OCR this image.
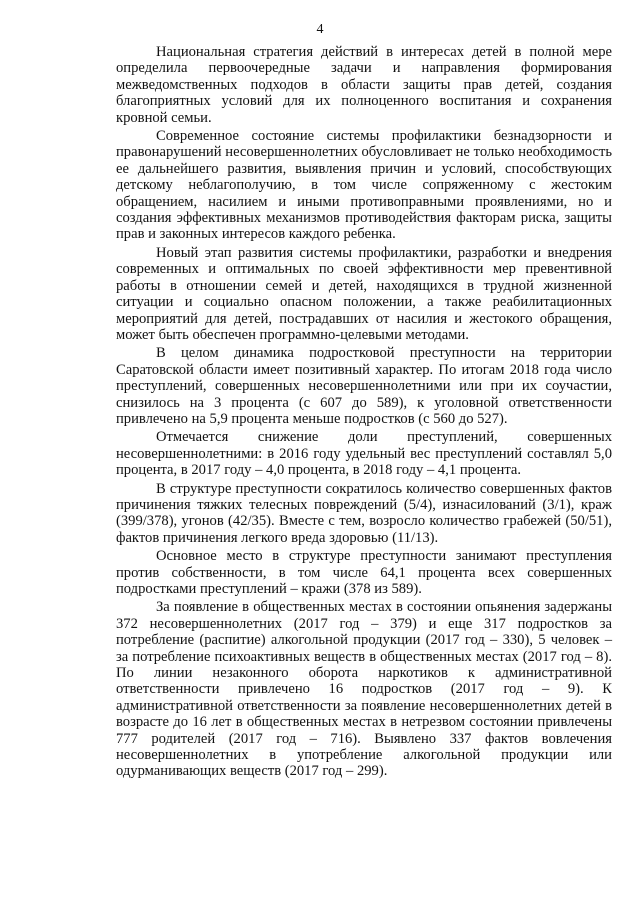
4

Национальная стратегия действий в интересах детей в полной мере определила первоочередные задачи и направления формирования межведомственных подходов в области защиты прав детей, создания благоприятных условий для их полноценного воспитания и сохранения кровной семьи.

Современное состояние системы профилактики безнадзорности и правонарушений несовершеннолетних обусловливает не только необходимость ее дальнейшего развития, выявления причин и условий, способствующих детскому неблагополучию, в том числе сопряженному с жестоким обращением, насилием и иными противоправными проявлениями, но и создания эффективных механизмов противодействия факторам риска, защиты прав и законных интересов каждого ребенка.

Новый этап развития системы профилактики, разработки и внедрения современных и оптимальных по своей эффективности мер превентивной работы в отношении семей и детей, находящихся в трудной жизненной ситуации и социально опасном положении, а также реабилитационных мероприятий для детей, пострадавших от насилия и жестокого обращения, может быть обеспечен программно-целевыми методами.

В целом динамика подростковой преступности на территории Саратовской области имеет позитивный характер. По итогам 2018 года число преступлений, совершенных несовершеннолетними или при их соучастии, снизилось на 3 процента (с 607 до 589), к уголовной ответственности привлечено на 5,9 процента меньше подростков (с 560 до 527).

Отмечается снижение доли преступлений, совершенных несовершеннолетними: в 2016 году удельный вес преступлений составлял 5,0 процента, в 2017 году – 4,0 процента, в 2018 году – 4,1 процента.

В структуре преступности сократилось количество совершенных фактов причинения тяжких телесных повреждений (5/4), изнасилований (3/1), краж (399/378), угонов (42/35). Вместе с тем, возросло количество грабежей (50/51), фактов причинения легкого вреда здоровью (11/13).

Основное место в структуре преступности занимают преступления против собственности, в том числе 64,1 процента всех совершенных подростками преступлений – кражи (378 из 589).

За появление в общественных местах в состоянии опьянения задержаны 372 несовершеннолетних (2017 год – 379) и еще 317 подростков за потребление (распитие) алкогольной продукции (2017 год – 330), 5 человек – за потребление психоактивных веществ в общественных местах (2017 год – 8). По линии незаконного оборота наркотиков к административной ответственности привлечено 16 подростков (2017 год – 9). К административной ответственности за появление несовершеннолетних детей в возрасте до 16 лет в общественных местах в нетрезвом состоянии привлечены 777 родителей (2017 год – 716). Выявлено 337 фактов вовлечения несовершеннолетних в употребление алкогольной продукции или одурманивающих веществ (2017 год – 299).
